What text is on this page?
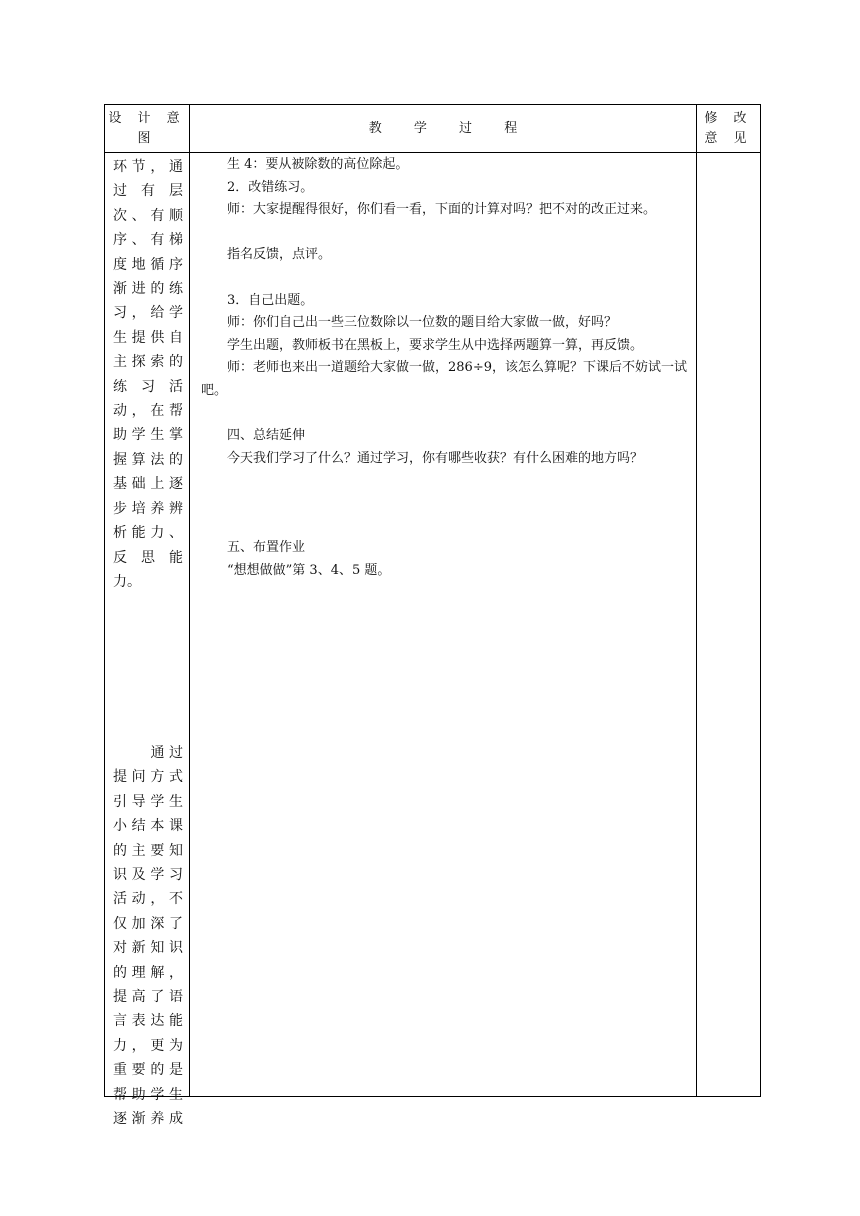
设 计 意 图
教 学 过 程
修 改 意 见
环节，通
过 有 层
次、有顺
序、有梯
度地循序
渐进的练
习，给学
生提供自
主探索的
练 习 活
动，在帮
助学生掌
握算法的
基础上逐
步培养辨
析能力、
反 思 能
力。
通 过
提问方式
引导学生
小结本课
的主要知
识及学习
活动，不
仅加深了
对新知识
的理解，
提高了语
言表达能
力，更为
重要的是
帮助学生
逐渐养成

生 4：要从被除数的高位除起。

2．改错练习。

师：大家提醒得很好，你们看一看，下面的计算对吗？把不对的改正过来。

指名反馈，点评。

3．自己出题。

师：你们自己出一些三位数除以一位数的题目给大家做一做，好吗？

学生出题，教师板书在黑板上，要求学生从中选择两题算一算，再反馈。

师：老师也来出一道题给大家做一做，286÷9，该怎么算呢？下课后不妨试一试吧。

四、总结延伸

今天我们学习了什么？通过学习，你有哪些收获？有什么困难的地方吗？

五、布置作业

“想想做做”第 3、4、5 题。
